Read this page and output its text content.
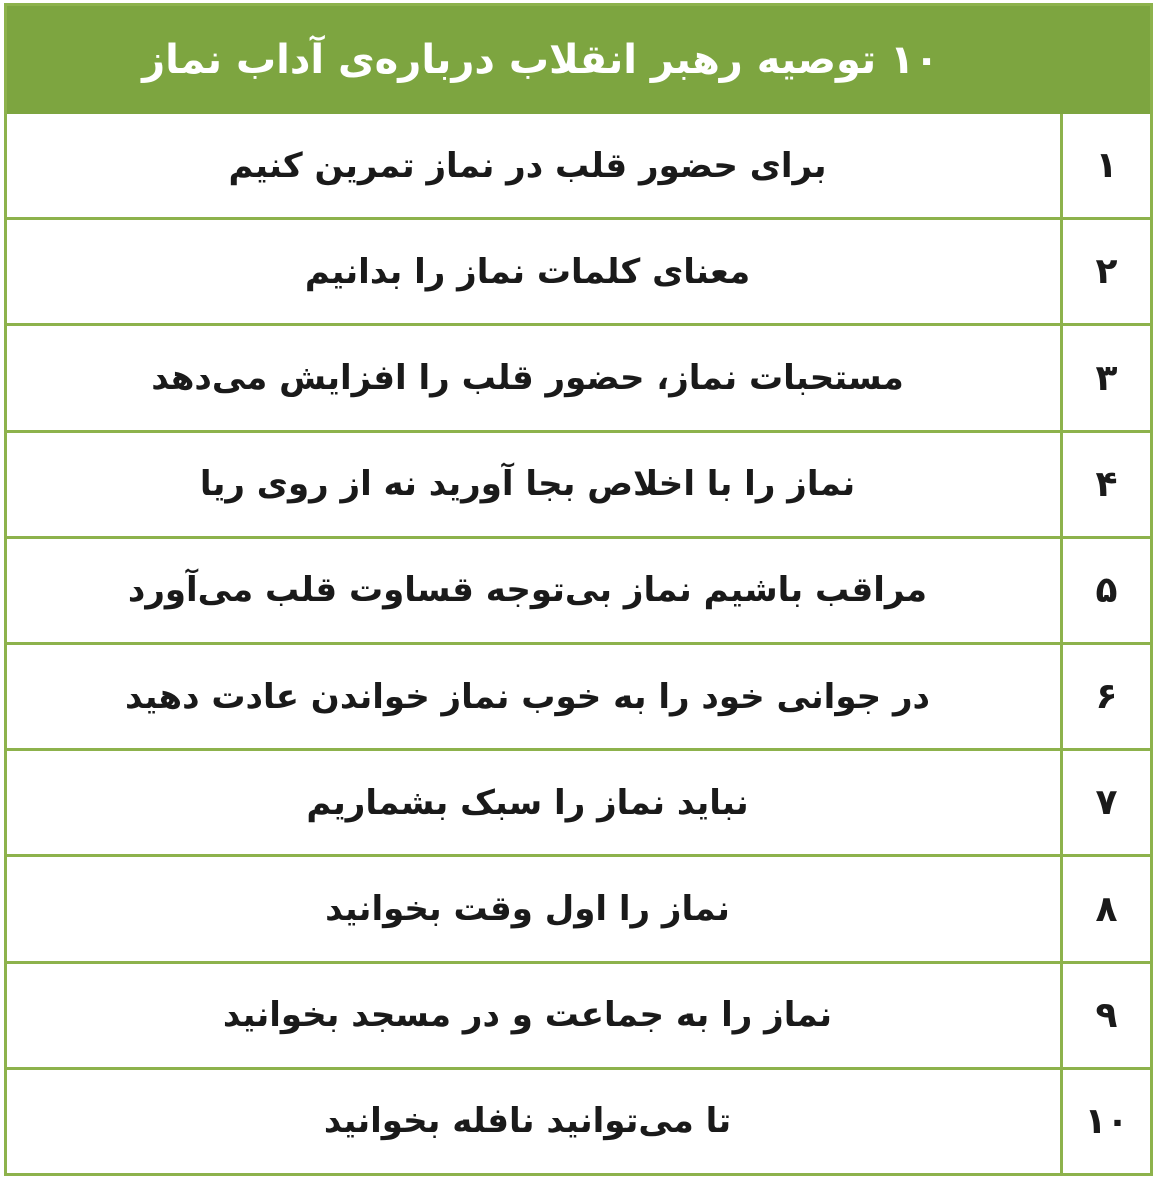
۱۰ توصیه رهبر انقلاب درباره‌ی آداب نماز
برای حضور قلب در نماز تمرین کنیم	۱
معنای کلمات نماز را بدانیم	۲
مستحبات نماز، حضور قلب را افزایش می‌دهد	۳
نماز را با اخلاص بجا آورید نه از روی ریا	۴
مراقب باشیم نماز بی‌توجه قساوت قلب می‌آورد	۵
در جوانی خود را به خوب نماز خواندن عادت دهید	۶
نباید نماز را سبک بشماریم	۷
نماز را اول وقت بخوانید	۸
نماز را به جماعت و در مسجد بخوانید	۹
تا می‌توانید نافله بخوانید	۱۰
